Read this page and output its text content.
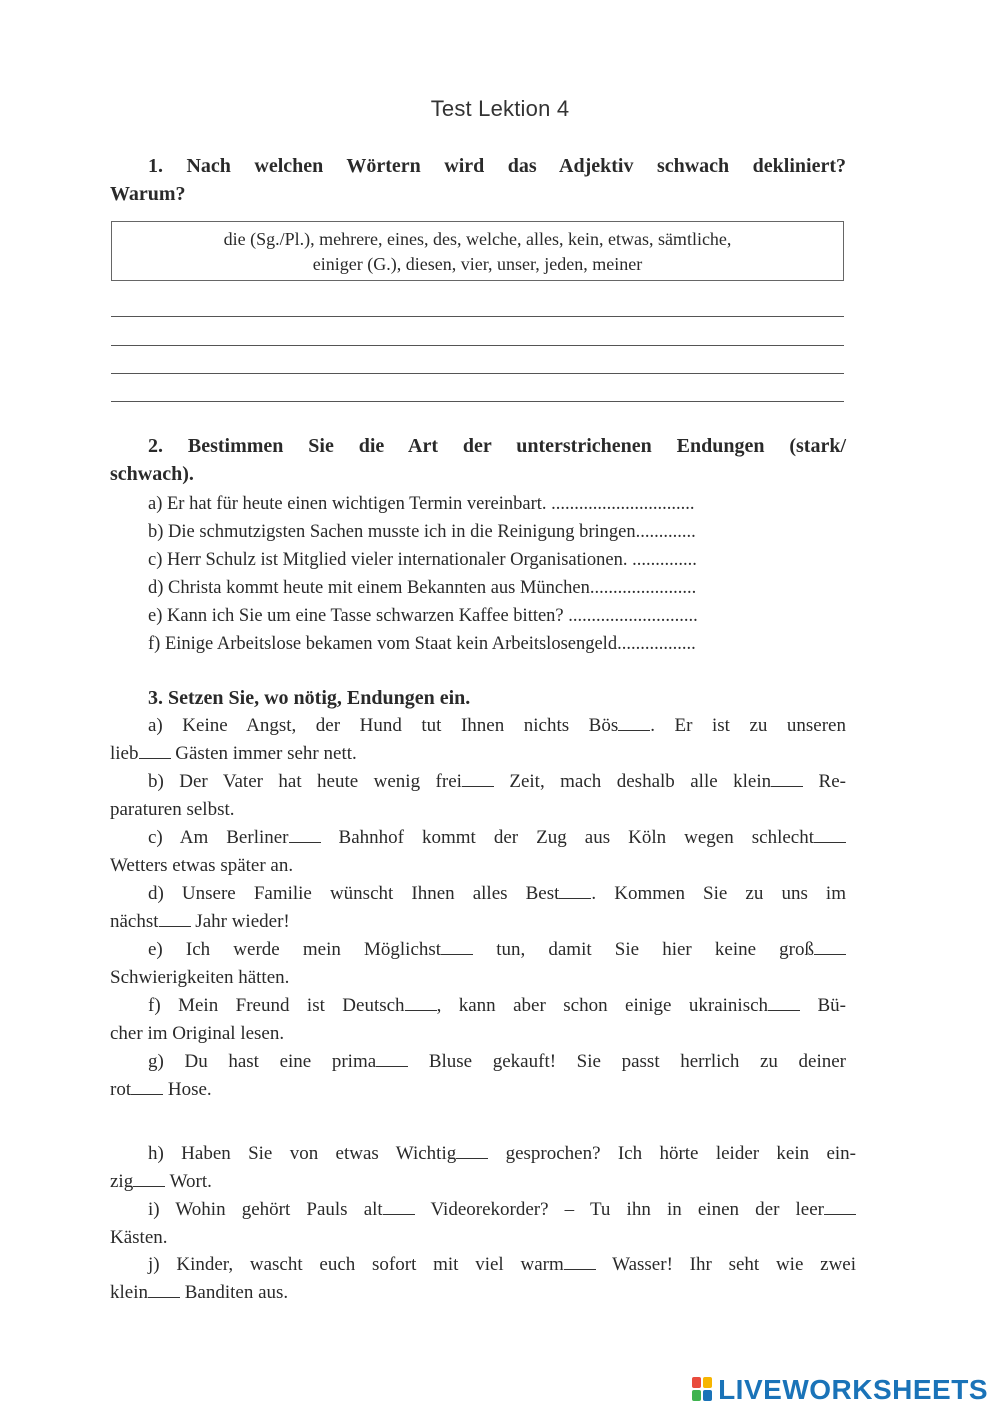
Test Lektion 4
1. Nach welchen Wörtern wird das Adjektiv schwach dekliniert?
Warum?
die (Sg./Pl.), mehrere, eines, des, welche, alles, kein, etwas, sämtliche,
einiger (G.), diesen, vier, unser, jeden, meiner
2. Bestimmen Sie die Art der unterstrichenen Endungen (stark/
schwach).
a) Er hat für heute einen wichtigen Termin vereinbart. ...............................
b) Die schmutzigsten Sachen musste ich in die Reinigung bringen.............
c) Herr Schulz ist Mitglied vieler internationaler Organisationen. ..............
d) Christa kommt heute mit einem Bekannten aus München.......................
e) Kann ich Sie um eine Tasse schwarzen Kaffee bitten? ............................
f) Einige Arbeitslose bekamen vom Staat kein Arbeitslosengeld.................
3. Setzen Sie, wo nötig, Endungen ein.
a) Keine Angst, der Hund tut Ihnen nichts Bös . Er ist zu unseren
lieb Gästen immer sehr nett.
b) Der Vater hat heute wenig frei Zeit, mach deshalb alle klein Re-
paraturen selbst.
c) Am Berliner Bahnhof kommt der Zug aus Köln wegen schlecht
Wetters etwas später an.
d) Unsere Familie wünscht Ihnen alles Best . Kommen Sie zu uns im
nächst Jahr wieder!
e) Ich werde mein Möglichst tun, damit Sie hier keine groß
Schwierigkeiten hätten.
f) Mein Freund ist Deutsch , kann aber schon einige ukrainisch Bü-
cher im Original lesen.
g) Du hast eine prima Bluse gekauft! Sie passt herrlich zu deiner
rot Hose.
h) Haben Sie von etwas Wichtig gesprochen? Ich hörte leider kein ein-
zig Wort.
i) Wohin gehört Pauls alt Videorekorder? – Tu ihn in einen der leer
Kästen.
j) Kinder, wascht euch sofort mit viel warm Wasser! Ihr seht wie zwei
klein Banditen aus.
LIVEWORKSHEETS
